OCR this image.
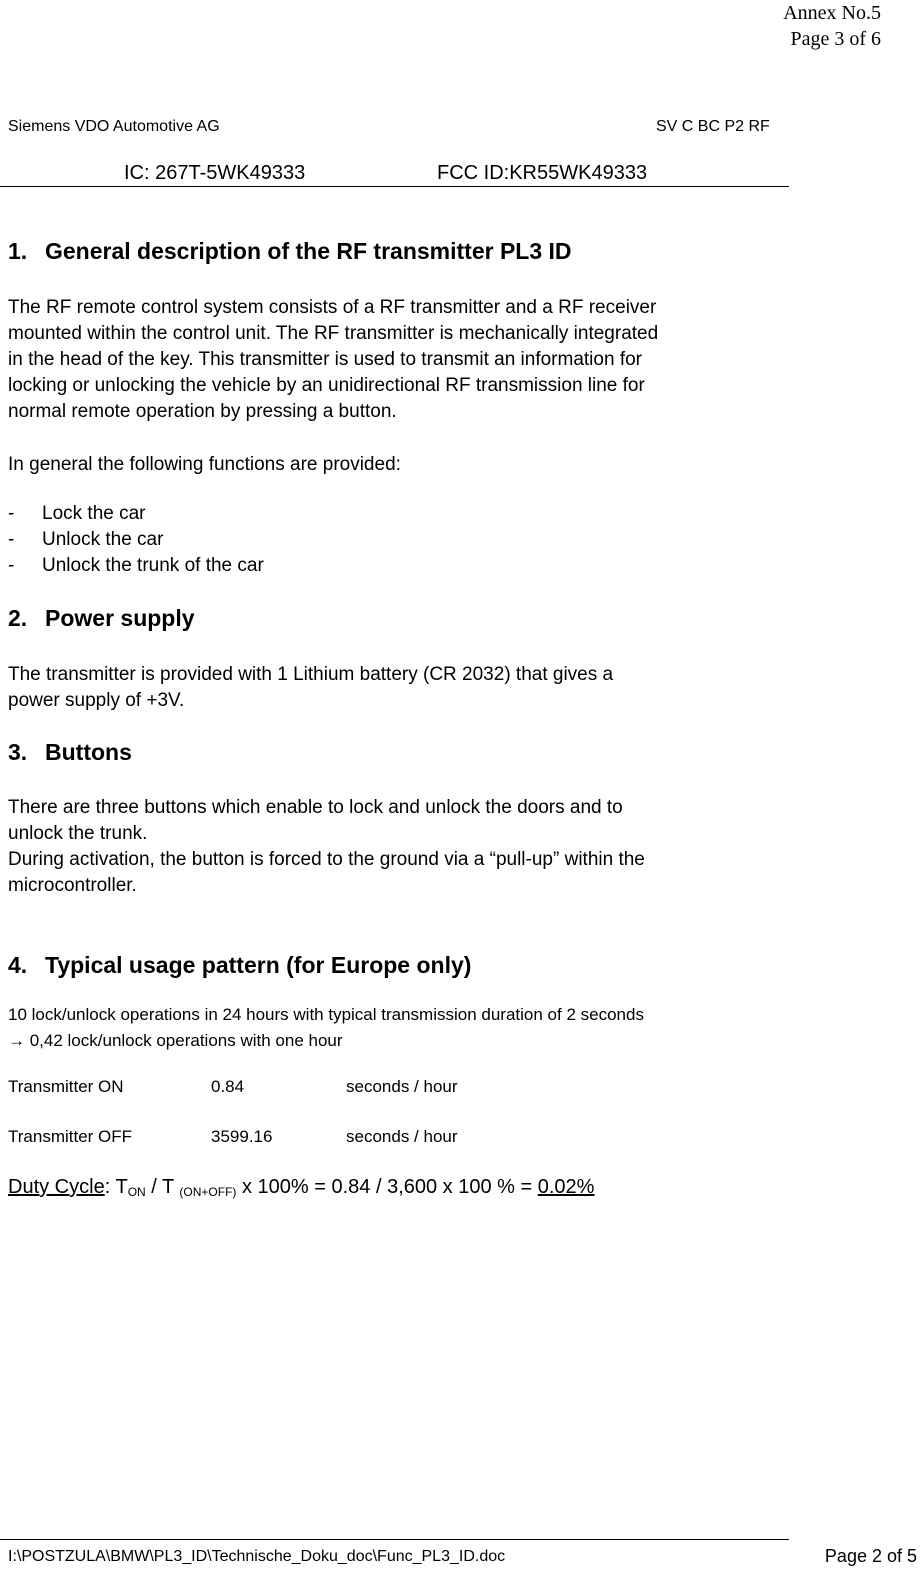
Annex No.5
Page 3 of 6
Siemens VDO Automotive AG	SV C BC P2 RF
IC: 267T-5WK49333	FCC ID:KR55WK49333
1. General description of the RF transmitter PL3 ID
The RF remote control system consists of a RF transmitter and a RF receiver
mounted within the control unit. The RF transmitter is mechanically integrated
in the head of the key. This transmitter is used to transmit an information for
locking or unlocking the vehicle by an unidirectional RF transmission line for
normal remote operation by pressing a button.
In general the following functions are provided:
- Lock the car
- Unlock the car
- Unlock the trunk of the car
2. Power supply
The transmitter is provided with 1 Lithium battery (CR 2032) that gives a
power supply of +3V.
3. Buttons
There are three buttons which enable to lock and unlock the doors and to
unlock the trunk.
During activation, the button is forced to the ground via a “pull-up” within the
microcontroller.
4. Typical usage pattern (for Europe only)
10 lock/unlock operations in 24 hours with typical transmission duration of 2 seconds
→ 0,42 lock/unlock operations with one hour
Transmitter ON	0.84	seconds / hour
Transmitter OFF	3599.16	seconds / hour
Duty Cycle: $T_{ON}$ / T $_{(ON+OFF)}$ x 100% = 0.84 / 3,600 x 100 % = 0.02%
I:\POSTZULA\BMW\PL3_ID\Technische_Doku_doc\Func_PL3_ID.doc	Page 2 of 5
